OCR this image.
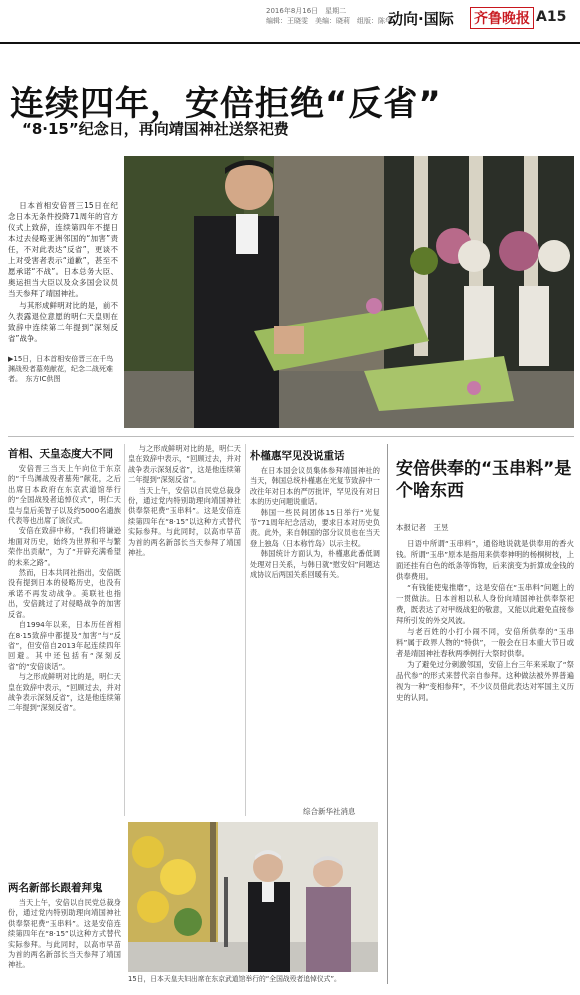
2016年8月16日　星期二
编辑：王晓雯　美编：晓莉　组版：陈华
动向·国际 齐鲁晚报 A15
连续四年，安倍拒绝“反省”
“8·15”纪念日，再向靖国神社送祭祀费

日本首相安倍晋三15日在纪念日本无条件投降71周年的官方仪式上致辞，连续第四年不提日本过去侵略亚洲邻国的“加害”责任，不对此表达“反省”，更谈不上对受害者表示“道歉”，甚至不愿承诺“不战”。日本总务大臣、奥运担当大臣以及众多国会议员当天参拜了靖国神社。

与其形成鲜明对比的是，前不久表露退位意愿的明仁天皇则在致辞中连续第二年提到“深刻反省”战争。

▶15日，日本首相安倍晋三在千鸟渊战殁者墓苑献花，纪念二战死难者。　东方IC供图
首相、天皇态度大不同

安倍晋三当天上午向位于东京的“千鸟渊战殁者墓苑”献花，之后出席日本政府在东京武道馆举行的“全国战殁者追悼仪式”，明仁天皇与皇后美智子以及约5000名遗族代表等也出席了该仪式。

安倍在致辞中称，“我们将谦逊地面对历史，始终为世界和平与繁荣作出贡献”，为了“开辟充满希望的未来之路”。

然而，日本共同社指出，安倍既没有提到日本的侵略历史，也没有承诺不再发动战争。美联社也指出，安倍跳过了对侵略战争的加害反省。

自1994年以来，日本历任首相在8·15致辞中都提及“加害”与“反省”，但安倍自2013年起连续四年回避。其中还包括有“深刻反省”的“安倍谈话”。

与之形成鲜明对比的是，明仁天皇在致辞中表示，“回顾过去，并对战争表示深刻反省”，这是他连续第二年提到“深刻反省”。

两名新部长跟着拜鬼

当天上午，安倍以自民党总裁身份，通过党内特别助理向靖国神社供奉祭祀费“玉串料”。这是安倍连续第四年在“8·15”以这种方式替代实际参拜。与此同时，以高市早苗为首的两名新部长当天参拜了靖国神社。

与之形成鲜明对比的是，明仁天皇在致辞中表示，“回顾过去，并对战争表示深刻反省”，这是他连续第二年提到“深刻反省”。

当天上午，安倍以自民党总裁身份，通过党内特别助理向靖国神社供奉祭祀费“玉串料”。这是安倍连续第四年在“8·15”以这种方式替代实际参拜。与此同时，以高市早苗为首的两名新部长当天参拜了靖国神社。

朴槿惠罕见没说重话

在日本国会议员集体参拜靖国神社的当天，韩国总统朴槿惠在光复节致辞中一改往年对日本的严厉批评，罕见没有对日本的历史问题说重话。

韩国一些民间团体15日举行“光复节”71周年纪念活动，要求日本对历史负责。此外，来自韩国的部分议员也在当天登上独岛（日本称竹岛）以示主权。

韩国统计方面认为，朴槿惠此番低调处理对日关系，与韩日就“慰安妇”问题达成协议后两国关系回暖有关。

综合新华社消息
安倍供奉的“玉串料”是个啥东西
本报记者　王昱

日语中所谓“玉串料”，通俗地说就是供奉用的香火钱。所谓“玉串”原本是指用来供奉神明的杨桐树枝，上面还挂有白色的纸条等饰物，后来演变为折算成金钱的供奉费用。

“有钱能使鬼推磨”，这是安倍在“玉串料”问题上的一贯做法。日本首相以私人身份向靖国神社供奉祭祀费，既表达了对甲级战犯的敬意，又能以此避免直接参拜所引发的外交风波。

与老百姓的小打小闹不同，安倍所供奉的“玉串料”属于政界人物的“特供”，一般会在日本重大节日或者是靖国神社春秋两季例行大祭时供奉。

为了避免过分刺激邻国，安倍上台三年来采取了“祭品代参”的形式来替代亲自参拜。这种做法被外界普遍视为一种“变相参拜”，不少议员借此表达对军国主义历史的认同。

15日，日本天皇夫妇出席在东京武道馆举行的“全国战殁者追悼仪式”。
